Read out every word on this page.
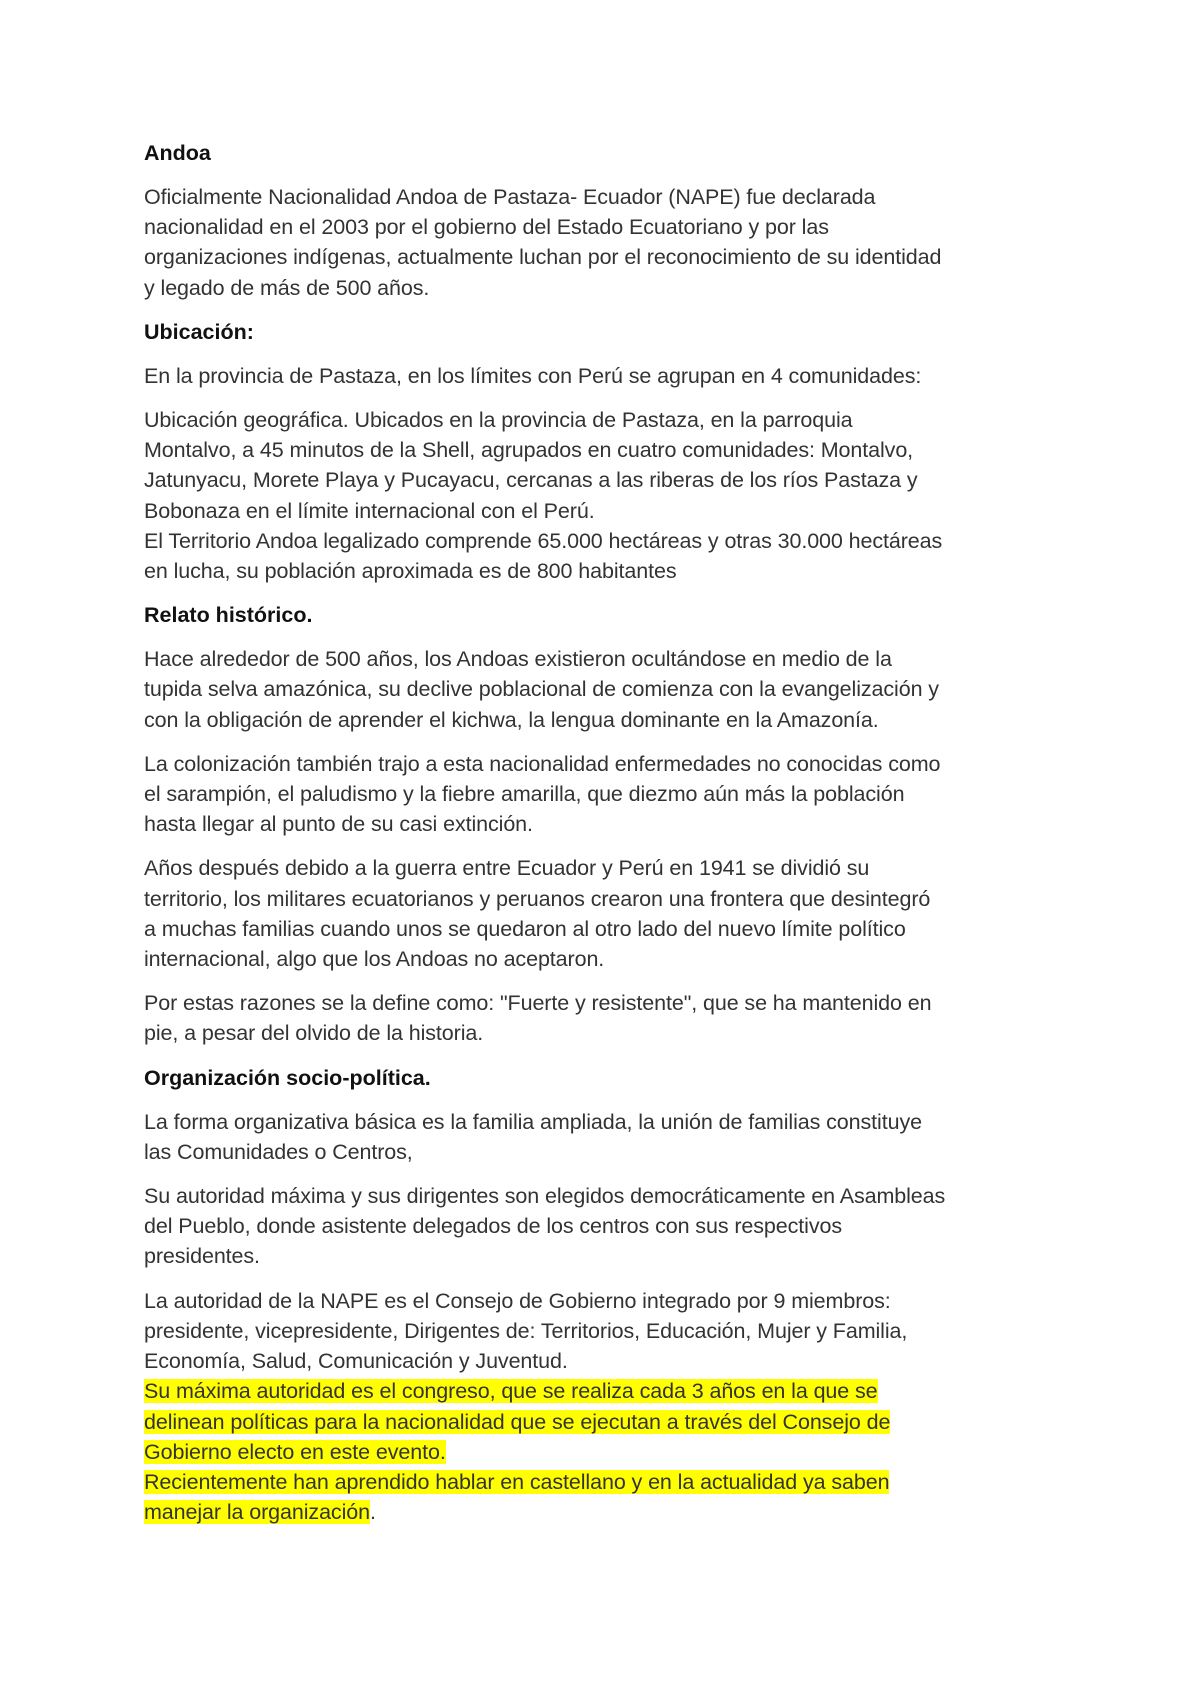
Andoa
Oficialmente Nacionalidad Andoa de Pastaza- Ecuador (NAPE) fue declarada
nacionalidad en el 2003 por el gobierno del Estado Ecuatoriano y por las
organizaciones indígenas, actualmente luchan por el reconocimiento de su identidad
y legado de más de 500 años.
Ubicación:
En la provincia de Pastaza, en los límites con Perú se agrupan en 4 comunidades:
Ubicación geográfica. Ubicados en la provincia de Pastaza, en la parroquia
Montalvo, a 45 minutos de la Shell, agrupados en cuatro comunidades: Montalvo,
Jatunyacu, Morete Playa y Pucayacu, cercanas a las riberas de los ríos Pastaza y
Bobonaza en el límite internacional con el Perú.
El Territorio Andoa legalizado comprende 65.000 hectáreas y otras 30.000 hectáreas
en lucha, su población aproximada es de 800 habitantes
Relato histórico.
Hace alrededor de 500 años, los Andoas existieron ocultándose en medio de la
tupida selva amazónica, su declive poblacional de comienza con la evangelización y
con la obligación de aprender el kichwa, la lengua dominante en la Amazonía.
La colonización también trajo a esta nacionalidad enfermedades no conocidas como
el sarampión, el paludismo y la fiebre amarilla, que diezmo aún más la población
hasta llegar al punto de su casi extinción.
Años después debido a la guerra entre Ecuador y Perú en 1941 se dividió su
territorio, los militares ecuatorianos y peruanos crearon una frontera que desintegró
a muchas familias cuando unos se quedaron al otro lado del nuevo límite político
internacional, algo que los Andoas no aceptaron.
Por estas razones se la define como: "Fuerte y resistente", que se ha mantenido en
pie, a pesar del olvido de la historia.
Organización socio-política.
La forma organizativa básica es la familia ampliada, la unión de familias constituye
las Comunidades o Centros,
Su autoridad máxima y sus dirigentes son elegidos democráticamente en Asambleas
del Pueblo, donde asistente delegados de los centros con sus respectivos
presidentes.
La autoridad de la NAPE es el Consejo de Gobierno integrado por 9 miembros:
presidente, vicepresidente, Dirigentes de: Territorios, Educación, Mujer y Familia,
Economía, Salud, Comunicación y Juventud.
Su máxima autoridad es el congreso, que se realiza cada 3 años en la que se
delinean políticas para la nacionalidad que se ejecutan a través del Consejo de
Gobierno electo en este evento.
Recientemente han aprendido hablar en castellano y en la actualidad ya saben
manejar la organización.
